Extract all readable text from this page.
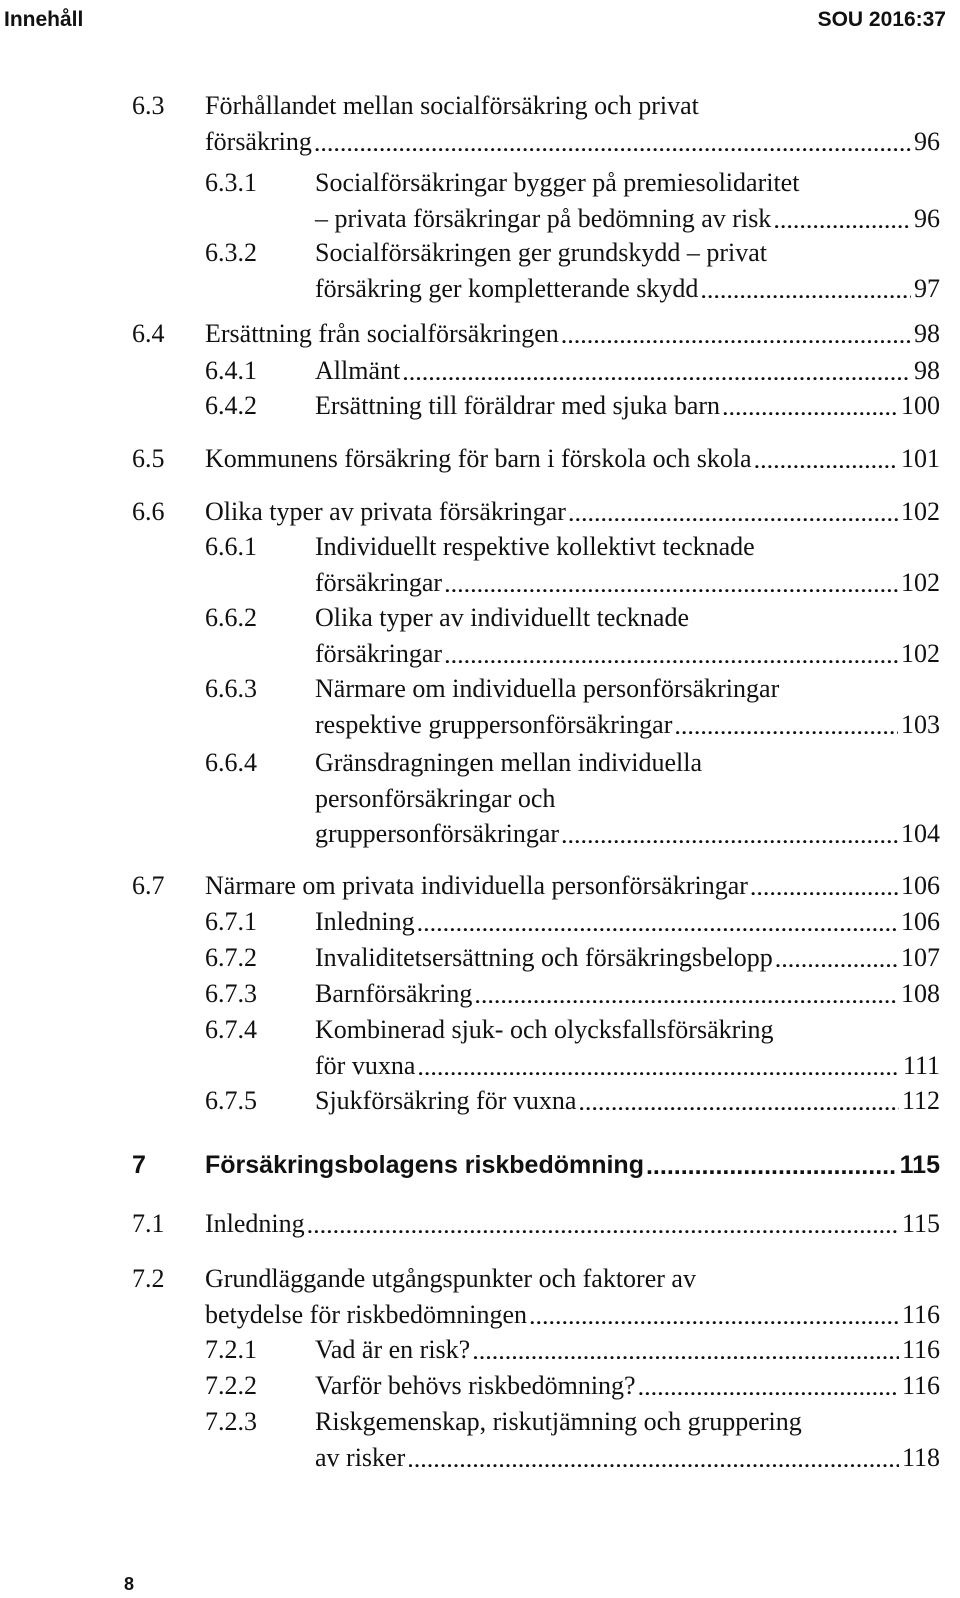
Innehåll	SOU 2016:37
6.3	Förhållandet mellan socialförsäkring och privat
försäkring .....	96
6.3.1	Socialförsäkringar bygger på premiesolidaritet
– privata försäkringar på bedömning av risk .....	96
6.3.2	Socialförsäkringen ger grundskydd – privat
försäkring ger kompletterande skydd .....	97
6.4	Ersättning från socialförsäkringen .....	98
6.4.1	Allmänt .....	98
6.4.2	Ersättning till föräldrar med sjuka barn .....	100
6.5	Kommunens försäkring för barn i förskola och skola .....	101
6.6	Olika typer av privata försäkringar .....	102
6.6.1	Individuellt respektive kollektivt tecknade
försäkringar .....	102
6.6.2	Olika typer av individuellt tecknade
försäkringar .....	102
6.6.3	Närmare om individuella personförsäkringar
respektive gruppersonförsäkringar .....	103
6.6.4	Gränsdragningen mellan individuella
personförsäkringar och
gruppersonförsäkringar .....	104
6.7	Närmare om privata individuella personförsäkringar .....	106
6.7.1	Inledning .....	106
6.7.2	Invaliditetsersättning och försäkringsbelopp .....	107
6.7.3	Barnförsäkring .....	108
6.7.4	Kombinerad sjuk- och olycksfallsförsäkring
för vuxna .....	111
6.7.5	Sjukförsäkring för vuxna .....	112
7	Försäkringsbolagens riskbedömning .....	115
7.1	Inledning .....	115
7.2	Grundläggande utgångspunkter och faktorer av
betydelse för riskbedömningen .....	116
7.2.1	Vad är en risk? .....	116
7.2.2	Varför behövs riskbedömning? .....	116
7.2.3	Riskgemenskap, riskutjämning och gruppering
av risker .....	118
8
